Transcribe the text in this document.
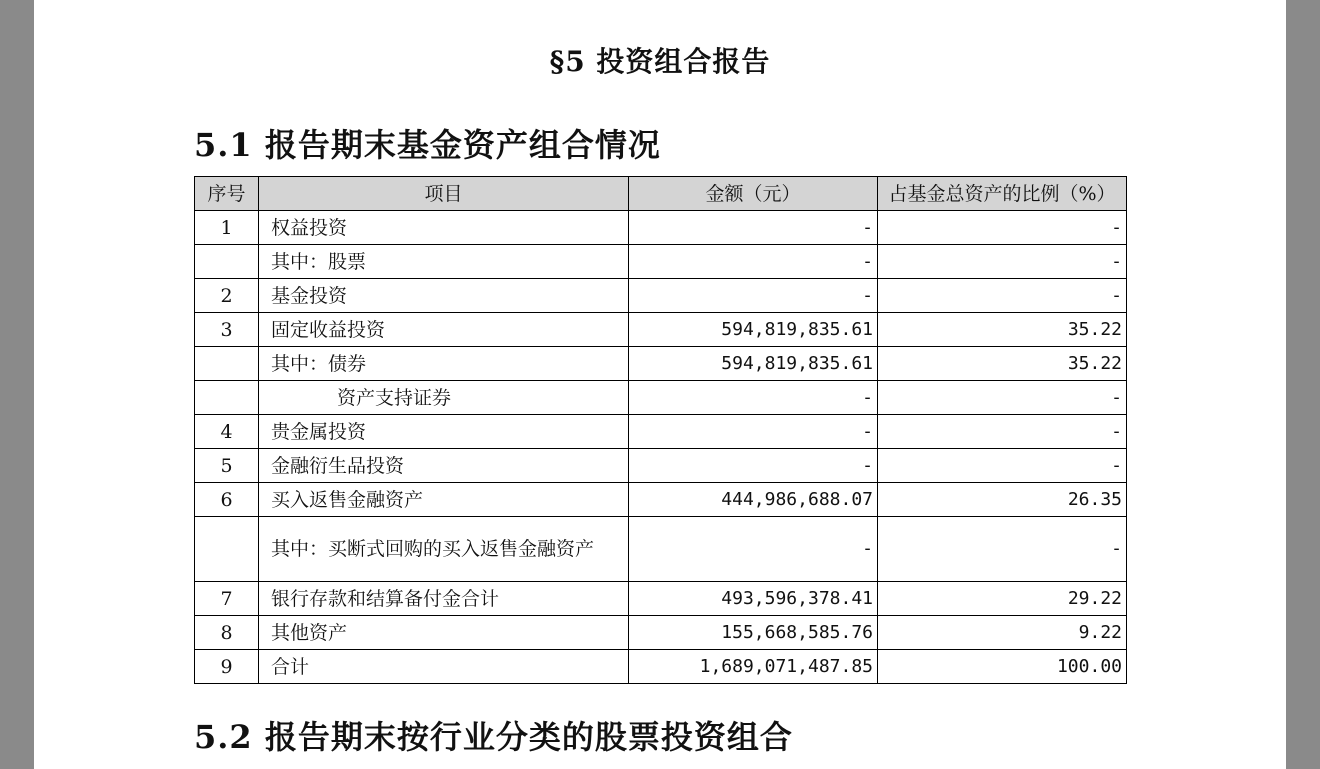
§5 投资组合报告
5.1 报告期末基金资产组合情况
序号	项目	金额（元）	占基金总资产的比例（%）
1	权益投资	-	-
	其中：股票	-	-
2	基金投资	-	-
3	固定收益投资	594,819,835.61	35.22
	其中：债券	594,819,835.61	35.22
	资产支持证券	-	-
4	贵金属投资	-	-
5	金融衍生品投资	-	-
6	买入返售金融资产	444,986,688.07	26.35
	其中：买断式回购的买入返售金融资产	-	-
7	银行存款和结算备付金合计	493,596,378.41	29.22
8	其他资产	155,668,585.76	9.22
9	合计	1,689,071,487.85	100.00
5.2 报告期末按行业分类的股票投资组合
